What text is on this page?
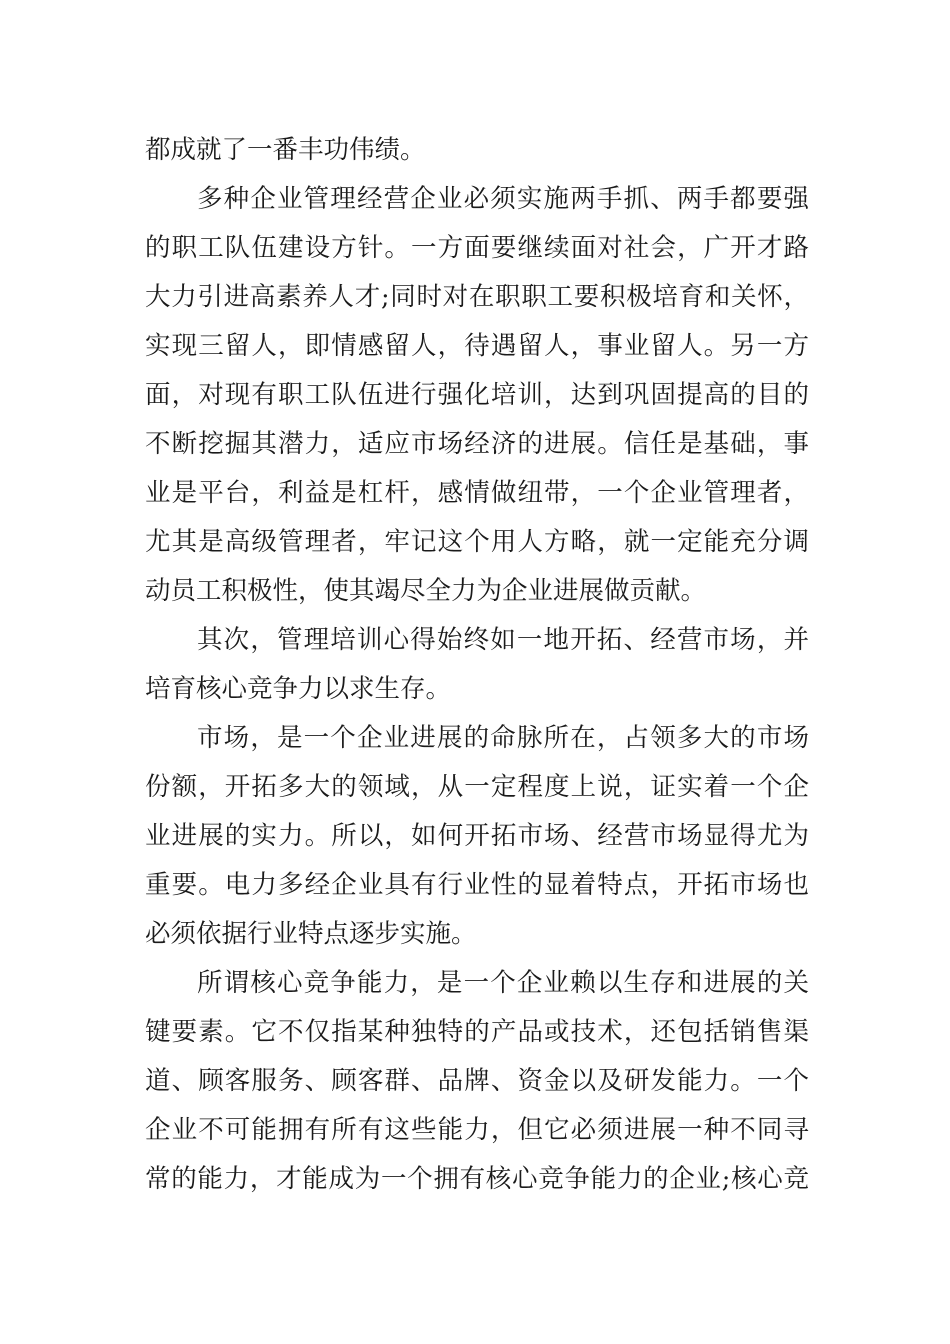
都成就了一番丰功伟绩。
多种企业管理经营企业必须实施两手抓、两手都要强
的职工队伍建设方针。一方面要继续面对社会，广开才路
大力引进高素养人才;同时对在职职工要积极培育和关怀，
实现三留人，即情感留人，待遇留人，事业留人。另一方
面，对现有职工队伍进行强化培训，达到巩固提高的目的
不断挖掘其潜力，适应市场经济的进展。信任是基础，事
业是平台，利益是杠杆，感情做纽带，一个企业管理者，
尤其是高级管理者，牢记这个用人方略，就一定能充分调
动员工积极性，使其竭尽全力为企业进展做贡献。
其次，管理培训心得始终如一地开拓、经营市场，并
培育核心竞争力以求生存。
市场，是一个企业进展的命脉所在，占领多大的市场
份额，开拓多大的领域，从一定程度上说，证实着一个企
业进展的实力。所以，如何开拓市场、经营市场显得尤为
重要。电力多经企业具有行业性的显着特点，开拓市场也
必须依据行业特点逐步实施。
所谓核心竞争能力，是一个企业赖以生存和进展的关
键要素。它不仅指某种独特的产品或技术，还包括销售渠
道、顾客服务、顾客群、品牌、资金以及研发能力。一个
企业不可能拥有所有这些能力，但它必须进展一种不同寻
常的能力，才能成为一个拥有核心竞争能力的企业;核心竞
